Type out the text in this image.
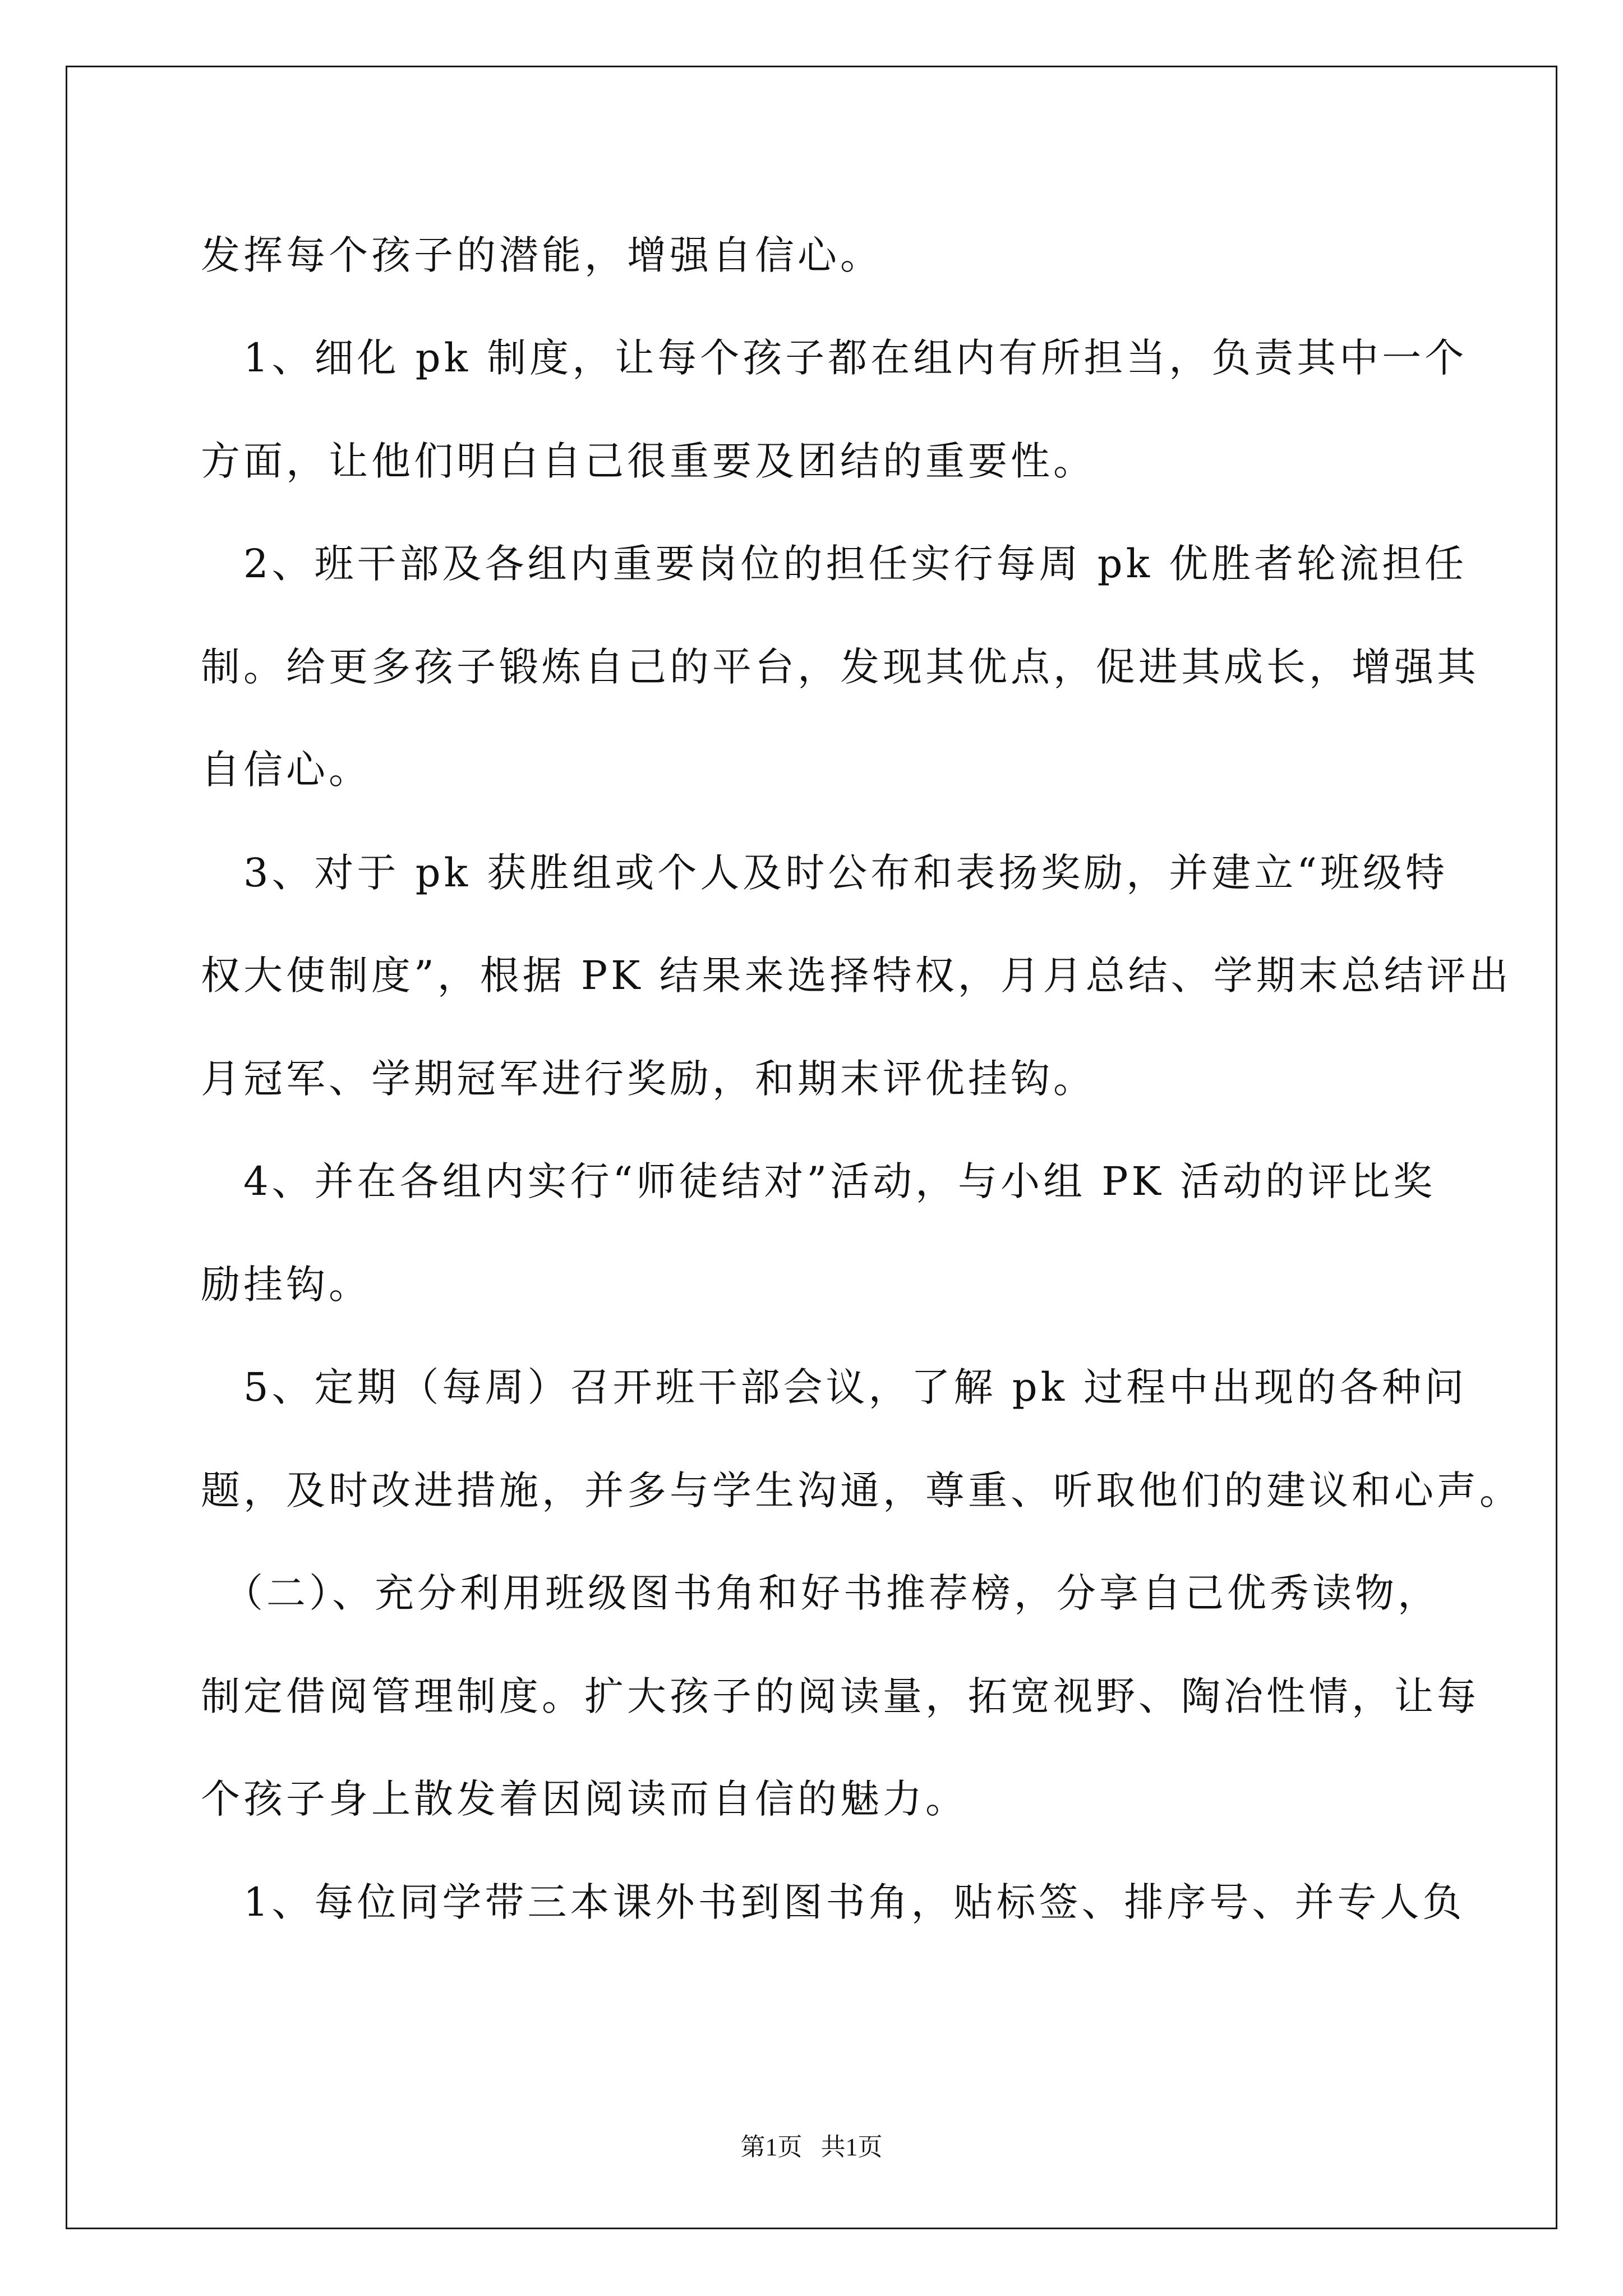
发挥每个孩子的潜能，增强自信心。
　1、细化 pk 制度，让每个孩子都在组内有所担当，负责其中一个
方面，让他们明白自己很重要及团结的重要性。
　2、班干部及各组内重要岗位的担任实行每周 pk 优胜者轮流担任
制。给更多孩子锻炼自己的平台，发现其优点，促进其成长，增强其
自信心。
　3、对于 pk 获胜组或个人及时公布和表扬奖励，并建立“班级特
权大使制度”，根据 PK 结果来选择特权，月月总结、学期末总结评出
月冠军、学期冠军进行奖励，和期末评优挂钩。
　4、并在各组内实行“师徒结对”活动，与小组 PK 活动的评比奖
励挂钩。
　5、定期（每周）召开班干部会议，了解 pk 过程中出现的各种问
题，及时改进措施，并多与学生沟通，尊重、听取他们的建议和心声。
　（二）、充分利用班级图书角和好书推荐榜，分享自己优秀读物，
制定借阅管理制度。扩大孩子的阅读量，拓宽视野、陶冶性情，让每
个孩子身上散发着因阅读而自信的魅力。
　1、每位同学带三本课外书到图书角，贴标签、排序号、并专人负
第1页   共1页
